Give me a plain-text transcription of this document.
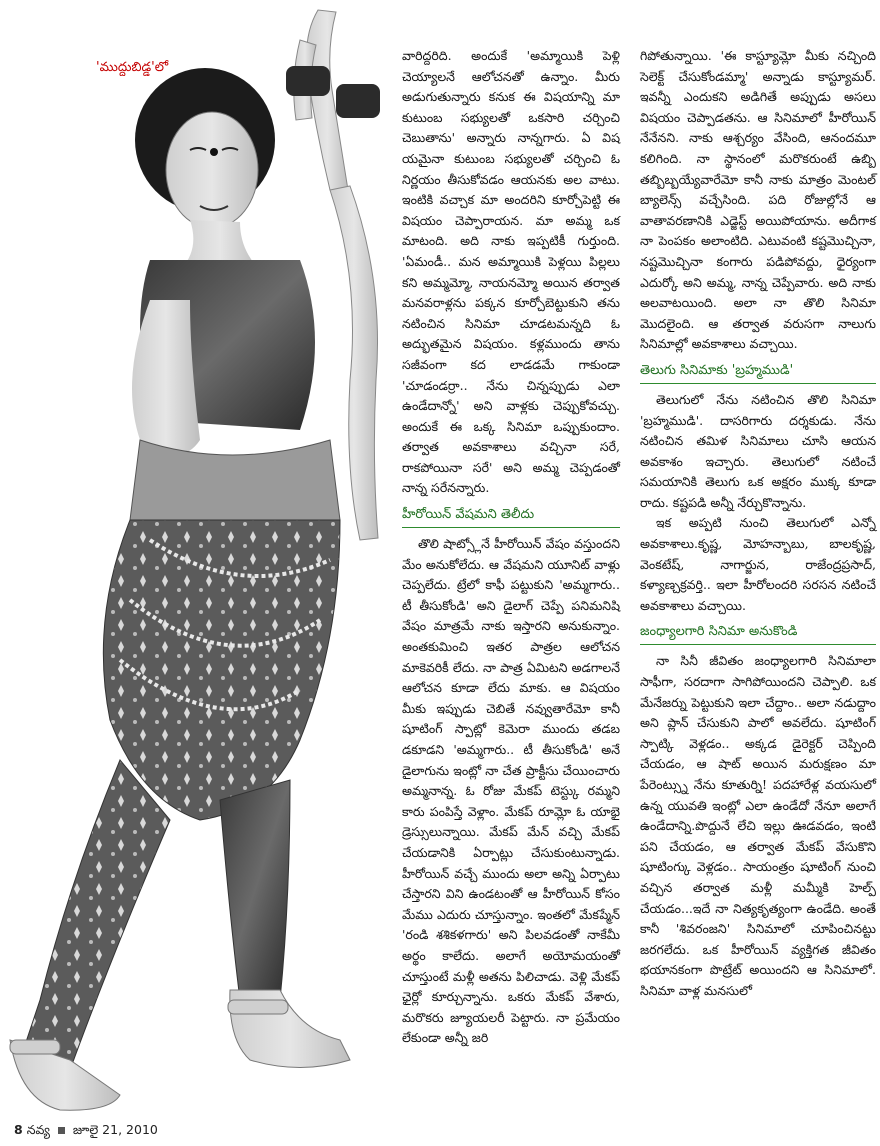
'ముద్దుబిడ్డ'లో

వారిద్దరిది. అందుకే 'అమ్మాయికి పెళ్లి చెయ్యాలనే ఆలోచనతో ఉన్నాం. మీరు అడుగుతున్నారు కనుక ఈ విషయాన్ని మా కుటుంబ సభ్యులతో ఒకసారి చర్చించి చెబుతాను' అన్నారు నాన్నగారు. ఏ విష యమైనా కుటుంబ సభ్యులతో చర్చించి ఓ నిర్ణయం తీసుకోవడం ఆయనకు అల వాటు. ఇంటికి వచ్చాక మా అందరిని కూర్చోపెట్టి ఈ విషయం చెప్పారాయన. మా అమ్మ ఒక మాటంది. అది నాకు ఇప్పటికీ గుర్తుంది. 'ఏమండీ.. మన అమ్మాయికి పెళ్లయి పిల్లలు కని అమ్మమ్మో, నాయనమ్మో అయిన తర్వాత మనవరాళ్లను పక్కన కూర్చోబెట్టుకుని తను నటించిన సినిమా చూడటమన్నది ఓ అద్భుతమైన విషయం. కళ్లముందు తాను సజీవంగా కద లాడడమే గాకుండా 'చూడండర్రా.. నేను చిన్నప్పుడు ఎలా ఉండేదాన్నో' అని వాళ్లకు చెప్పుకోవచ్చు. అందుకే ఈ ఒక్క సినిమా ఒప్పుకుందాం. తర్వాత అవకాశాలు వచ్చినా సరే, రాకపోయినా సరే' అని అమ్మ చెప్పడంతో నాన్న సరేనన్నారు.

హీరోయిన్ వేషమని తెలీదు

తొలి షాట్స్లోనే హీరోయిన్ వేషం వస్తుందని మేం అనుకోలేదు. ఆ వేషమని యూనిట్ వాళ్లు చెప్పలేదు. ట్రేలో కాఫీ పట్టుకుని 'అమ్మగారు.. టీ తీసుకోండి' అని డైలాగ్ చెప్పే పనిమనిషి వేషం మాత్రమే నాకు ఇస్తారని అనుకున్నాం. అంతకుమించి ఇతర పాత్రల ఆలోచన మాకెవరికీ లేదు. నా పాత్ర ఏమిటని అడగాలనే ఆలోచన కూడా లేదు మాకు. ఆ విషయం మీకు ఇప్పుడు చెబితే నవ్వుతారేమో కానీ షూటింగ్ స్పాట్లో కెమెరా ముందు తడబ డకూడని 'అమ్మగారు.. టీ తీసుకోండి' అనే డైలాగును ఇంట్లో నా చేత ప్రాక్టీసు చేయించారు అమ్మనాన్న. ఓ రోజు మేకప్ టెస్ట్కు రమ్మని కారు పంపిస్తే వెళ్లాం. మేకప్ రూమ్లో ఓ యాభై డ్రెస్సులున్నాయి. మేకప్ మేన్ వచ్చి మేకప్ చేయడానికి ఏర్పాట్లు చేసుకుంటున్నాడు. హీరోయిన్ వచ్చే ముందు అలా అన్ని ఏర్పాటు చేస్తారని విని ఉండటంతో ఆ హీరోయిన్ కోసం మేము ఎదురు చూస్తున్నాం. ఇంతలో మేకప్మేన్ 'రండి శశికళగారు' అని పిలవడంతో నాకేమీ అర్థం కాలేదు. అలాగే అయోమయంతో చూస్తుంటే మళ్లీ అతను పిలిచాడు. వెళ్లి మేకప్ ఛైర్లో కూర్చున్నాను. ఒకరు మేకప్ వేశారు, మరొకరు జ్యూయలరీ పెట్టారు. నా ప్రమేయం లేకుండా అన్నీ జరి

గిపోతున్నాయి. 'ఈ కాస్ట్యూమ్లో మీకు నచ్చింది సెలెక్ట్ చేసుకోండమ్మా' అన్నాడు కాస్ట్యూమర్. ఇవన్నీ ఎందుకని అడిగితే అప్పుడు అసలు విషయం చెప్పాడతను. ఆ సినిమాలో హీరోయిన్ నేనేనని. నాకు ఆశ్చర్యం వేసింది, ఆనందమూ కలిగింది. నా స్థానంలో మరొకరుంటే ఉబ్బి తబ్బిబ్బయ్యేవారేమో కానీ నాకు మాత్రం మెంటల్ బ్యాలెన్స్ వచ్చేసింది. పది రోజుల్లోనే ఆ వాతావరణానికి ఎడ్జెస్ట్ అయిపోయాను. అదీగాక నా పెంపకం అలాంటిది. ఎటువంటి కష్టమొచ్చినా, నష్టమొచ్చినా కంగారు పడిపోవద్దు, ధైర్యంగా ఎదుర్కో అని అమ్మ, నాన్న చెప్పేవారు. అది నాకు అలవాటయింది. అలా నా తొలి సినిమా మొదలైంది. ఆ తర్వాత వరుసగా నాలుగు సినిమాల్లో అవకాశాలు వచ్చాయి.

తెలుగు సినిమాకు 'బ్రహ్మముడి'

తెలుగులో నేను నటించిన తొలి సినిమా 'బ్రహ్మముడి'. దాసరిగారు దర్శకుడు. నేను నటించిన తమిళ సినిమాలు చూసి ఆయన అవకాశం ఇచ్చారు. తెలుగులో నటించే సమయానికి తెలుగు ఒక అక్షరం ముక్క కూడా రాదు. కష్టపడి అన్నీ నేర్చుకొన్నాను.

ఇక అప్పటి నుంచి తెలుగులో ఎన్నో అవకాశాలు.కృష్ణ, మోహన్బాబు, బాలకృష్ణ, వెంకటేష్, నాగార్జున, రాజేంద్రప్రసాద్, కళ్యాణ్చక్రవర్తి.. ఇలా హీరోలందరి సరసన నటించే అవకాశాలు వచ్చాయి.

జంధ్యాలగారి సినిమా అనుకొండి

నా సినీ జీవితం జంధ్యాలగారి సినిమాలా సాఫీగా, సరదాగా సాగిపోయిందని చెప్పాలి. ఒక మేనేజర్ను పెట్టుకుని ఇలా చేద్దాం.. అలా నడుద్దాం అని ప్లాన్ చేసుకుని పాలో అవలేదు. షూటింగ్ స్పాట్కి వెళ్లడం.. అక్కడ డైరెక్టర్ చెప్పింది చేయడం, ఆ షాట్ అయిన మరుక్షణం మా పేరెంట్స్ను నేను కూతుర్ని! పదహారేళ్ల వయసులో ఉన్న యువతి ఇంట్లో ఎలా ఉండేదో నేనూ అలాగే ఉండేదాన్ని.పొద్దునే లేచి ఇల్లు ఊడవడం, ఇంటి పని చేయడం, ఆ తర్వాత మేకప్ వేసుకొని షూటింగ్కు వెళ్లడం.. సాయంత్రం షూటింగ్ నుంచి వచ్చిన తర్వాత మళ్లీ మమ్మీకి హెల్ప్ చేయడం...ఇదే నా నిత్యకృత్యంగా ఉండేది. అంతే కానీ 'శివరంజని' సినిమాలో చూపించినట్టు జరగలేదు. ఒక హీరోయిన్ వ్యక్తిగత జీవితం భయానకంగా పొట్రేట్ అయిందని ఆ సినిమాలో. సినిమా వాళ్ల మనసులో

8 నవ్య జూలై 21, 2010
